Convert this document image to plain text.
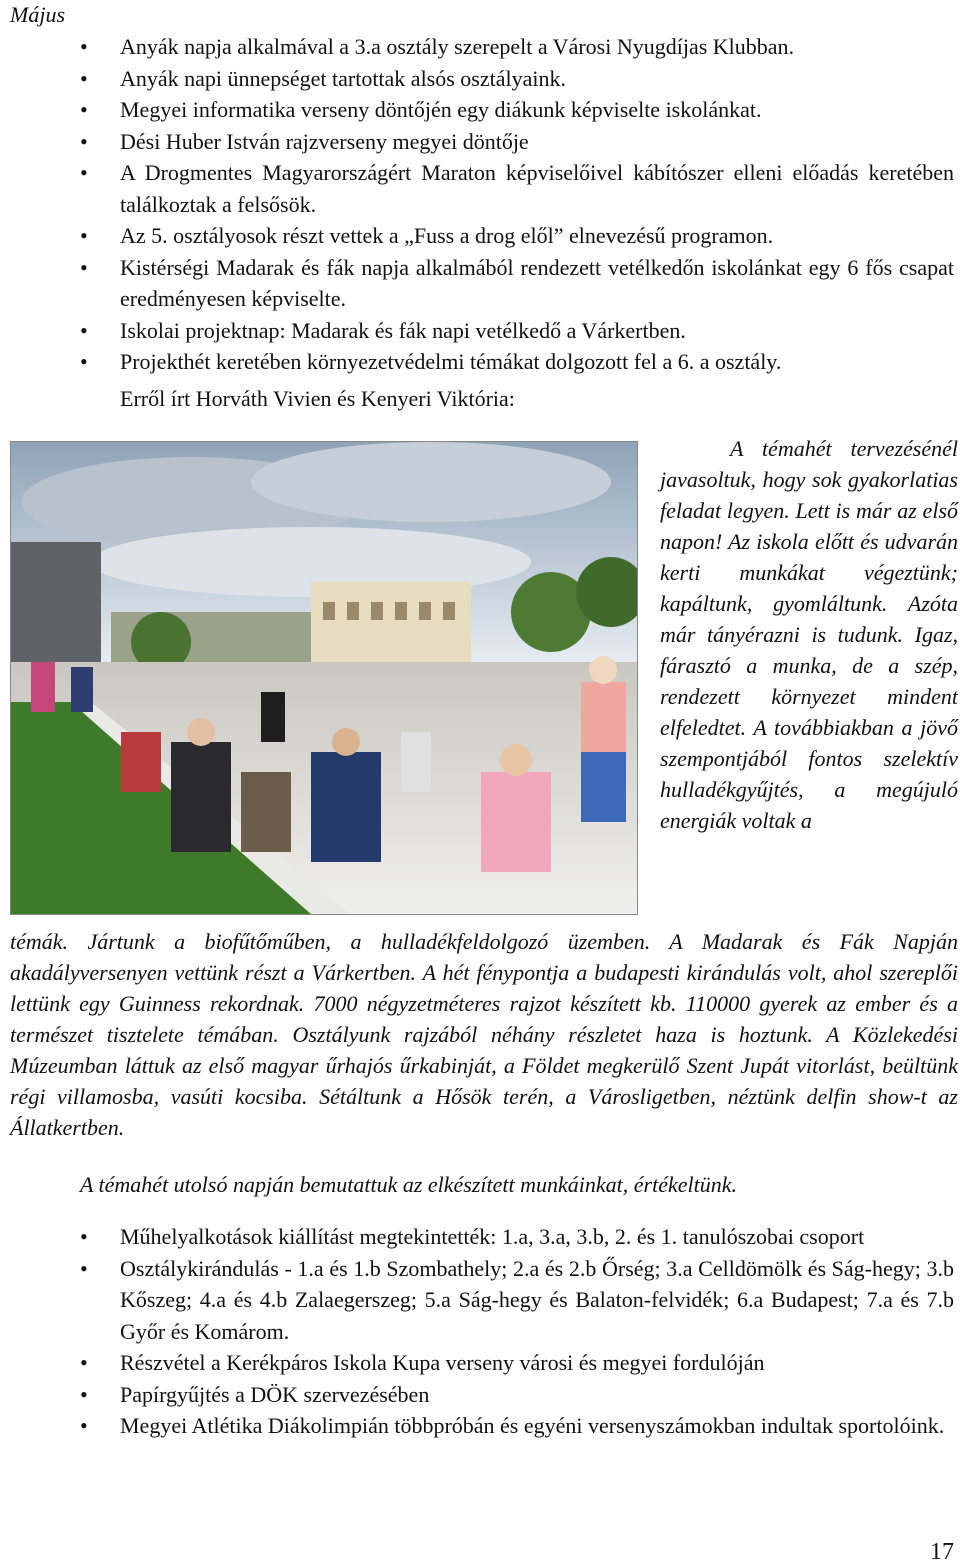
Május
• Anyák napja alkalmával a 3.a osztály szerepelt a Városi Nyugdíjas Klubban.
• Anyák napi ünnepséget tartottak alsós osztályaink.
• Megyei informatika verseny döntőjén egy diákunk képviselte iskolánkat.
• Dési Huber István rajzverseny megyei döntője
• A Drogmentes Magyarországért Maraton képviselőivel kábítószer elleni előadás keretében találkoztak a felsősök.
• Az 5. osztályosok részt vettek a „Fuss a drog elől” elnevezésű programon.
• Kistérségi Madarak és fák napja alkalmából rendezett vetélkedőn iskolánkat egy 6 fős csapat eredményesen képviselte.
• Iskolai projektnap: Madarak és fák napi vetélkedő a Várkertben.
• Projekthét keretében környezetvédelmi témákat dolgozott fel a 6. a osztály.
Erről írt Horváth Vivien és Kenyeri Viktória:

A témahét tervezésénél javasoltuk, hogy sok gyakorlatias feladat legyen. Lett is már az első napon! Az iskola előtt és udvarán kerti munkákat végeztünk; kapáltunk, gyomláltunk. Azóta már tányérazni is tudunk. Igaz, fárasztó a munka, de a szép, rendezett környezet mindent elfeledtet. A továbbiakban a jövő szempontjából fontos szelektív hulladékgyűjtés, a megújuló energiák voltak a

témák. Jártunk a biofűtőműben, a hulladékfeldolgozó üzemben. A Madarak és Fák Napján akadályversenyen vettünk részt a Várkertben. A hét fénypontja a budapesti kirándulás volt, ahol szereplői lettünk egy Guinness rekordnak. 7000 négyzetméteres rajzot készített kb. 110000 gyerek az ember és a természet tisztelete témában. Osztályunk rajzából néhány részletet haza is hoztunk. A Közlekedési Múzeumban láttuk az első magyar űrhajós űrkabinját, a Földet megkerülő Szent Jupát vitorlást, beültünk régi villamosba, vasúti kocsiba. Sétáltunk a Hősök terén, a Városligetben, néztünk delfin show-t az Állatkertben.

A témahét utolsó napján bemutattuk az elkészített munkáinkat, értékeltünk.
• Műhelyalkotások kiállítást megtekintették: 1.a, 3.a, 3.b, 2. és 1. tanulószobai csoport
• Osztálykirándulás - 1.a és 1.b Szombathely; 2.a és 2.b Őrség; 3.a Celldömölk és Ság-hegy; 3.b Kőszeg; 4.a és 4.b Zalaegerszeg; 5.a Ság-hegy és Balaton-felvidék; 6.a Budapest; 7.a és 7.b Győr és Komárom.
• Részvétel a Kerékpáros Iskola Kupa verseny városi és megyei fordulóján
• Papírgyűjtés a DÖK szervezésében
• Megyei Atlétika Diákolimpián többpróbán és egyéni versenyszámokban indultak sportolóink.
17
